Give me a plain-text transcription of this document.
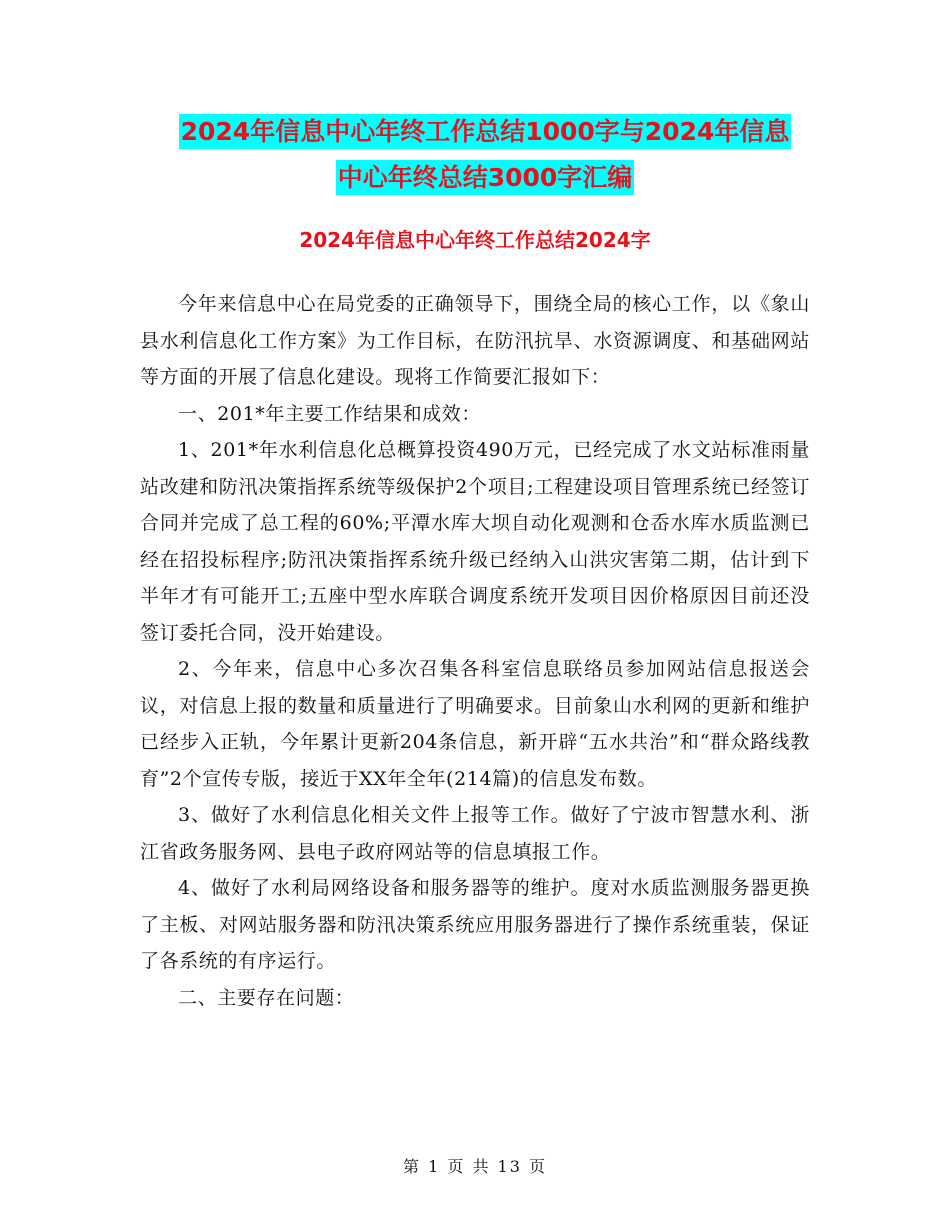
2024年信息中心年终工作总结1000字与2024年信息
中心年终总结3000字汇编
2024年信息中心年终工作总结2024字

今年来信息中心在局党委的正确领导下，围绕全局的核心工作，以《象山县水利信息化工作方案》为工作目标，在防汛抗旱、水资源调度、和基础网站等方面的开展了信息化建设。现将工作简要汇报如下：

一、201*年主要工作结果和成效：

1、201*年水利信息化总概算投资490万元，已经完成了水文站标准雨量站改建和防汛决策指挥系统等级保护2个项目;工程建设项目管理系统已经签订合同并完成了总工程的60%;平潭水库大坝自动化观测和仓岙水库水质监测已经在招投标程序;防汛决策指挥系统升级已经纳入山洪灾害第二期，估计到下半年才有可能开工;五座中型水库联合调度系统开发项目因价格原因目前还没签订委托合同，没开始建设。

2、今年来，信息中心多次召集各科室信息联络员参加网站信息报送会议，对信息上报的数量和质量进行了明确要求。目前象山水利网的更新和维护已经步入正轨，今年累计更新204条信息，新开辟“五水共治”和“群众路线教育”2个宣传专版，接近于XX年全年(214篇)的信息发布数。

3、做好了水利信息化相关文件上报等工作。做好了宁波市智慧水利、浙江省政务服务网、县电子政府网站等的信息填报工作。

4、做好了水利局网络设备和服务器等的维护。度对水质监测服务器更换了主板、对网站服务器和防汛决策系统应用服务器进行了操作系统重装，保证了各系统的有序运行。

二、主要存在问题：

第 1 页 共 13 页
